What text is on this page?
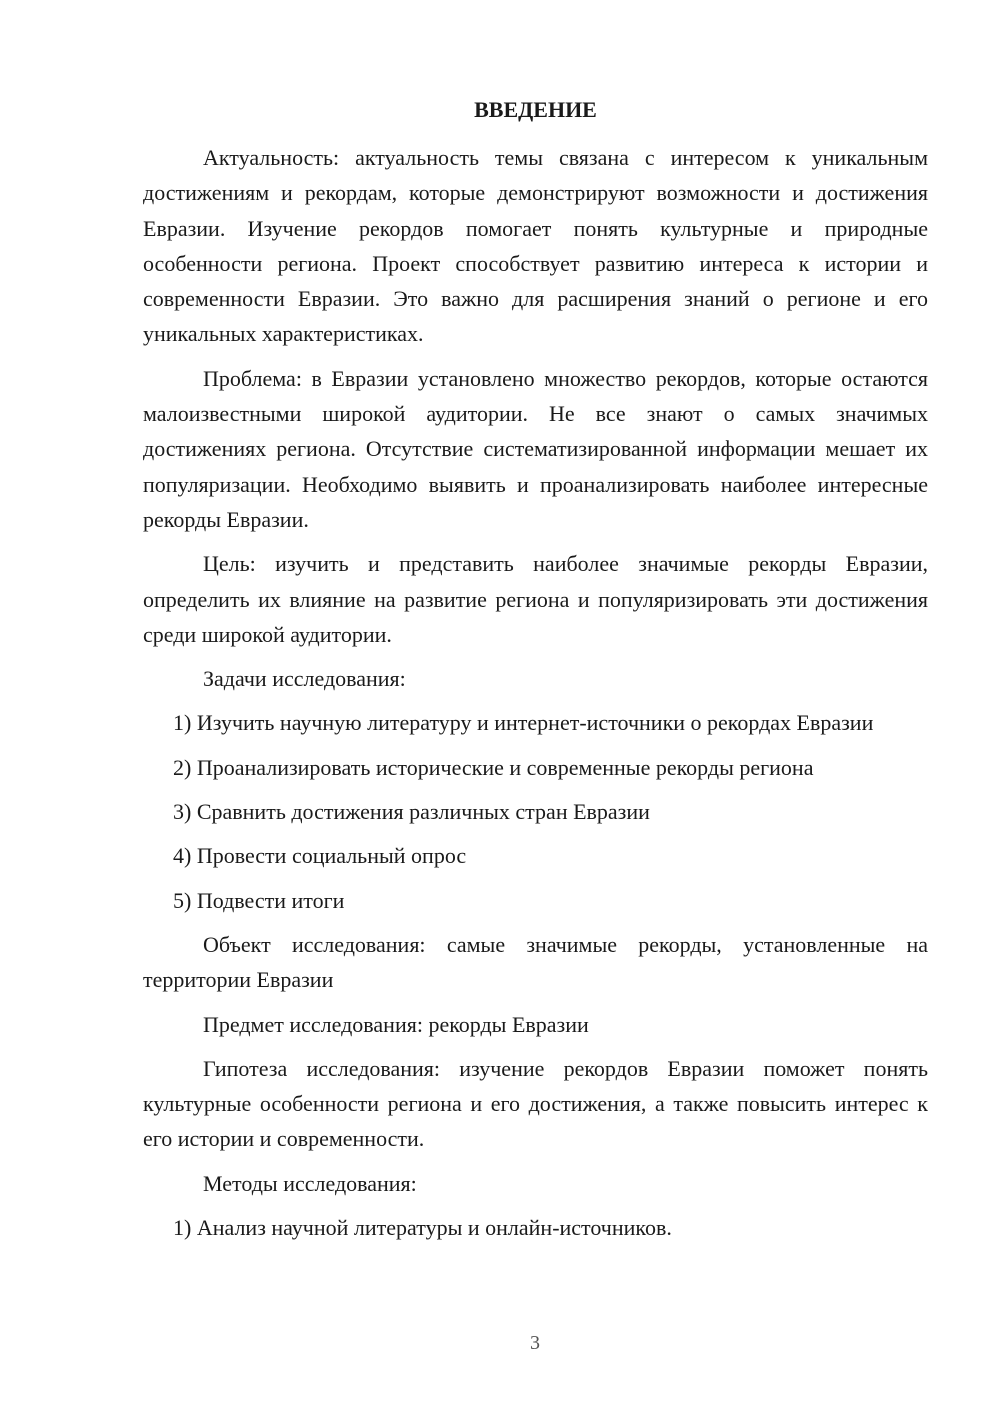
ВВЕДЕНИЕ

Актуальность: актуальность темы связана с интересом к уникальным достижениям и рекордам, которые демонстрируют возможности и достижения Евразии. Изучение рекордов помогает понять культурные и природные особенности региона. Проект способствует развитию интереса к истории и современности Евразии. Это важно для расширения знаний о регионе и его уникальных характеристиках.

Проблема: в Евразии установлено множество рекордов, которые остаются малоизвестными широкой аудитории. Не все знают о самых значимых достижениях региона. Отсутствие систематизированной информации мешает их популяризации. Необходимо выявить и проанализировать наиболее интересные рекорды Евразии.

Цель: изучить и представить наиболее значимые рекорды Евразии, определить их влияние на развитие региона и популяризировать эти достижения среди широкой аудитории.

Задачи исследования:

1) Изучить научную литературу и интернет-источники о рекордах Евразии

2) Проанализировать исторические и современные рекорды региона

3) Сравнить достижения различных стран Евразии

4) Провести социальный опрос

5) Подвести итоги

Объект исследования: самые значимые рекорды, установленные на территории Евразии

Предмет исследования: рекорды Евразии

Гипотеза исследования: изучение рекордов Евразии поможет понять культурные особенности региона и его достижения, а также повысить интерес к его истории и современности.

Методы исследования:

1) Анализ научной литературы и онлайн-источников.

3
